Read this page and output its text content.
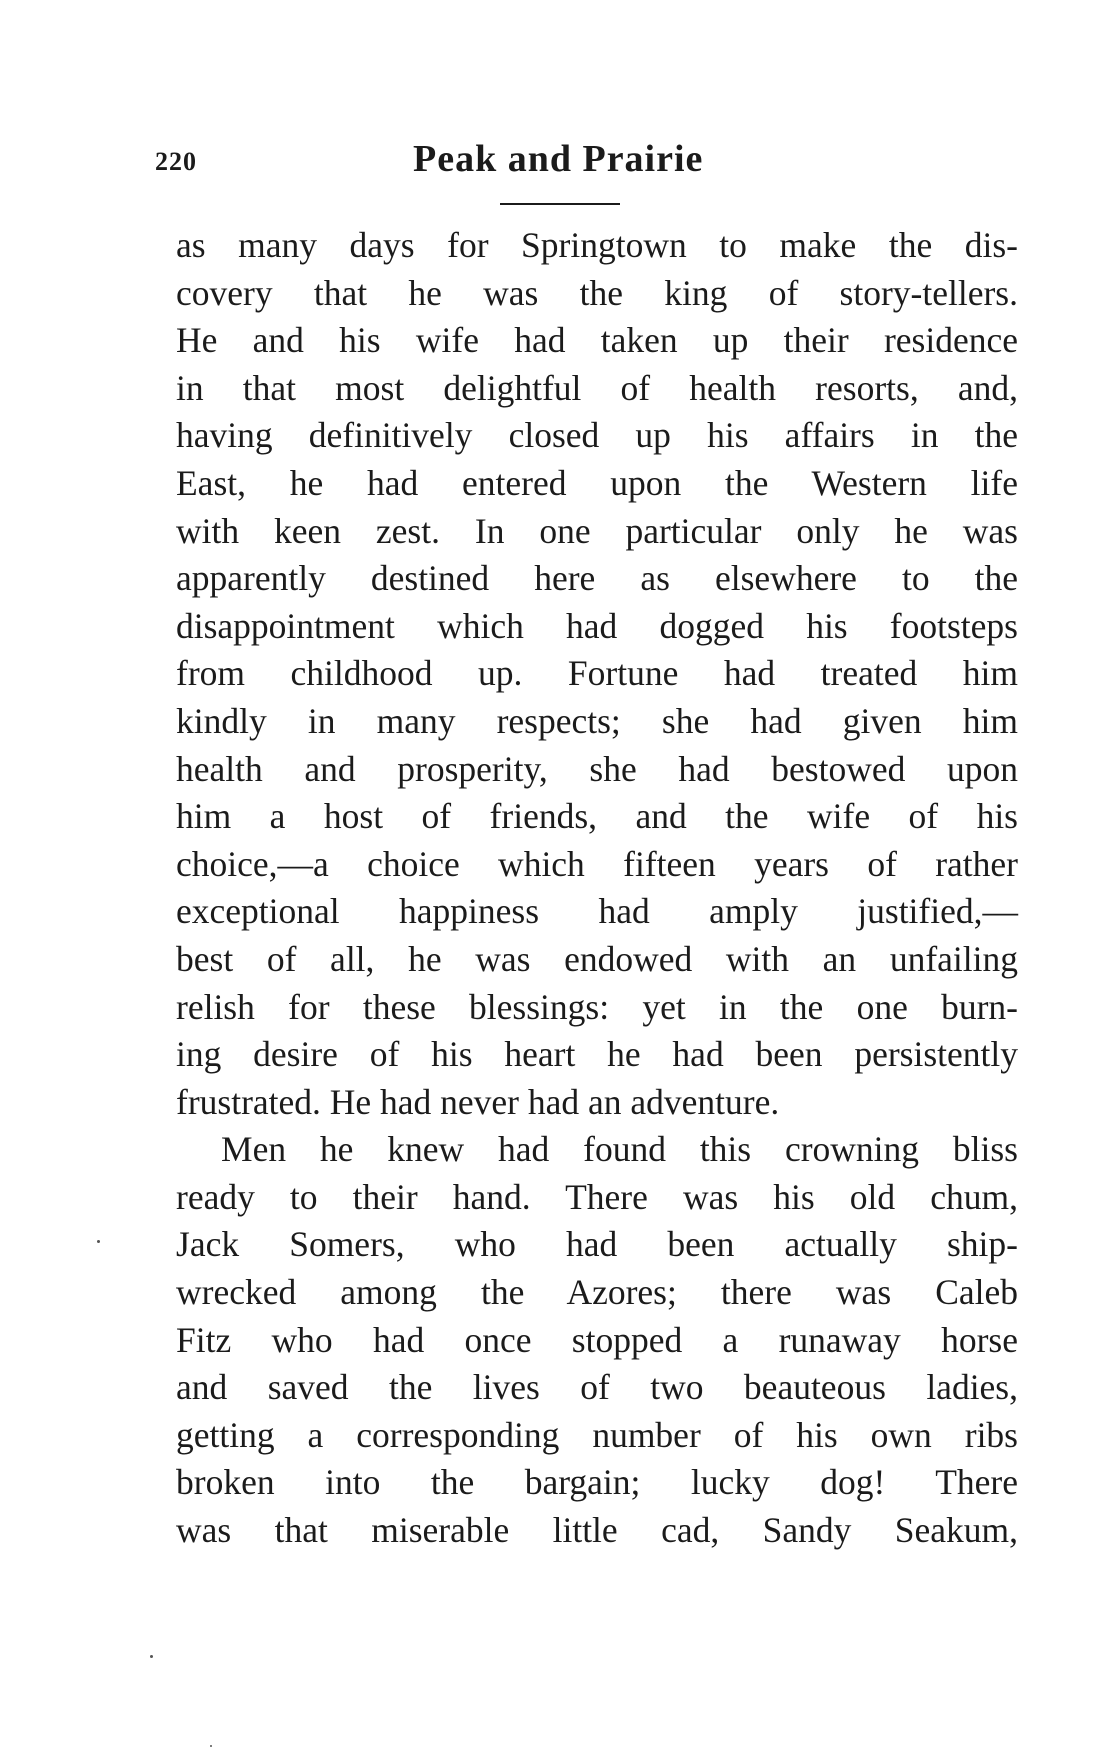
220	Peak and Prairie
as many days for Springtown to make the dis-
covery that he was the king of story-tellers.
He and his wife had taken up their residence
in that most delightful of health resorts, and,
having definitively closed up his affairs in the
East, he had entered upon the Western life
with keen zest. In one particular only he was
apparently destined here as elsewhere to the
disappointment which had dogged his footsteps
from childhood up. Fortune had treated him
kindly in many respects; she had given him
health and prosperity, she had bestowed upon
him a host of friends, and the wife of his
choice,—a choice which fifteen years of rather
exceptional happiness had amply justified,—
best of all, he was endowed with an unfailing
relish for these blessings: yet in the one burn-
ing desire of his heart he had been persistently
frustrated. He had never had an adventure.
Men he knew had found this crowning bliss
ready to their hand. There was his old chum,
Jack Somers, who had been actually ship-
wrecked among the Azores; there was Caleb
Fitz who had once stopped a runaway horse
and saved the lives of two beauteous ladies,
getting a corresponding number of his own ribs
broken into the bargain; lucky dog! There
was that miserable little cad, Sandy Seakum,
